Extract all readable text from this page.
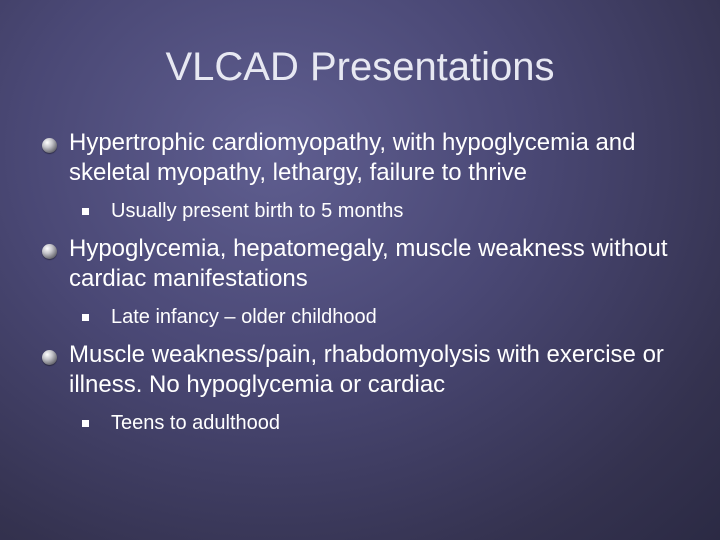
VLCAD Presentations
Hypertrophic cardiomyopathy, with hypoglycemia and skeletal myopathy, lethargy, failure to thrive
Usually present birth to 5 months
Hypoglycemia, hepatomegaly, muscle weakness without cardiac manifestations
Late infancy – older childhood
Muscle weakness/pain, rhabdomyolysis with exercise or illness. No hypoglycemia or cardiac
Teens to adulthood
